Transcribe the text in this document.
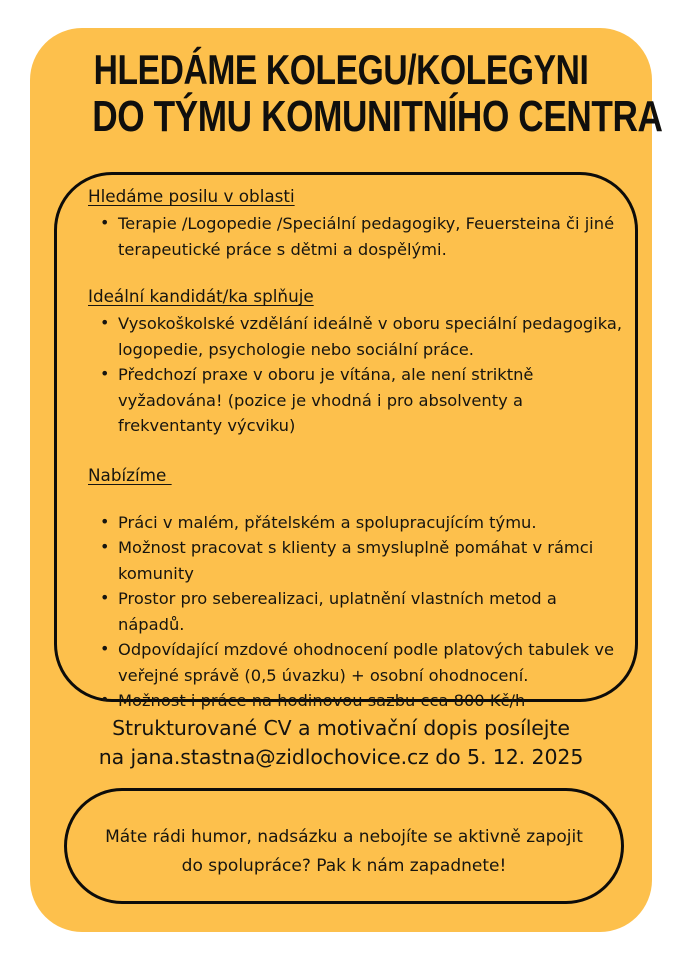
HLEDÁME KOLEGU/KOLEGYNI
DO TÝMU KOMUNITNÍHO CENTRA
Hledáme posilu v oblasti
• Terapie /Logopedie /Speciální pedagogiky, Feuersteina či jiné terapeutické práce s dětmi a dospělými.
Ideální kandidát/ka splňuje
• Vysokoškolské vzdělání ideálně v oboru speciální pedagogika, logopedie, psychologie nebo sociální práce.
• Předchozí praxe v oboru je vítána, ale není striktně vyžadována! (pozice je vhodná i pro absolventy a frekventanty výcviku)
Nabízíme
• Práci v malém, přátelském a spolupracujícím týmu.
• Možnost pracovat s klienty a smysluplně pomáhat v rámci komunity
• Prostor pro seberealizaci, uplatnění vlastních metod a nápadů.
• Odpovídající mzdové ohodnocení podle platových tabulek ve veřejné správě (0,5 úvazku) + osobní ohodnocení.
• Možnost i práce na hodinovou sazbu cca 800 Kč/h
Strukturované CV a motivační dopis posílejte
na jana.stastna@zidlochovice.cz do 5. 12. 2025
Máte rádi humor, nadsázku a nebojíte se aktivně zapojit
do spolupráce? Pak k nám zapadnete!
